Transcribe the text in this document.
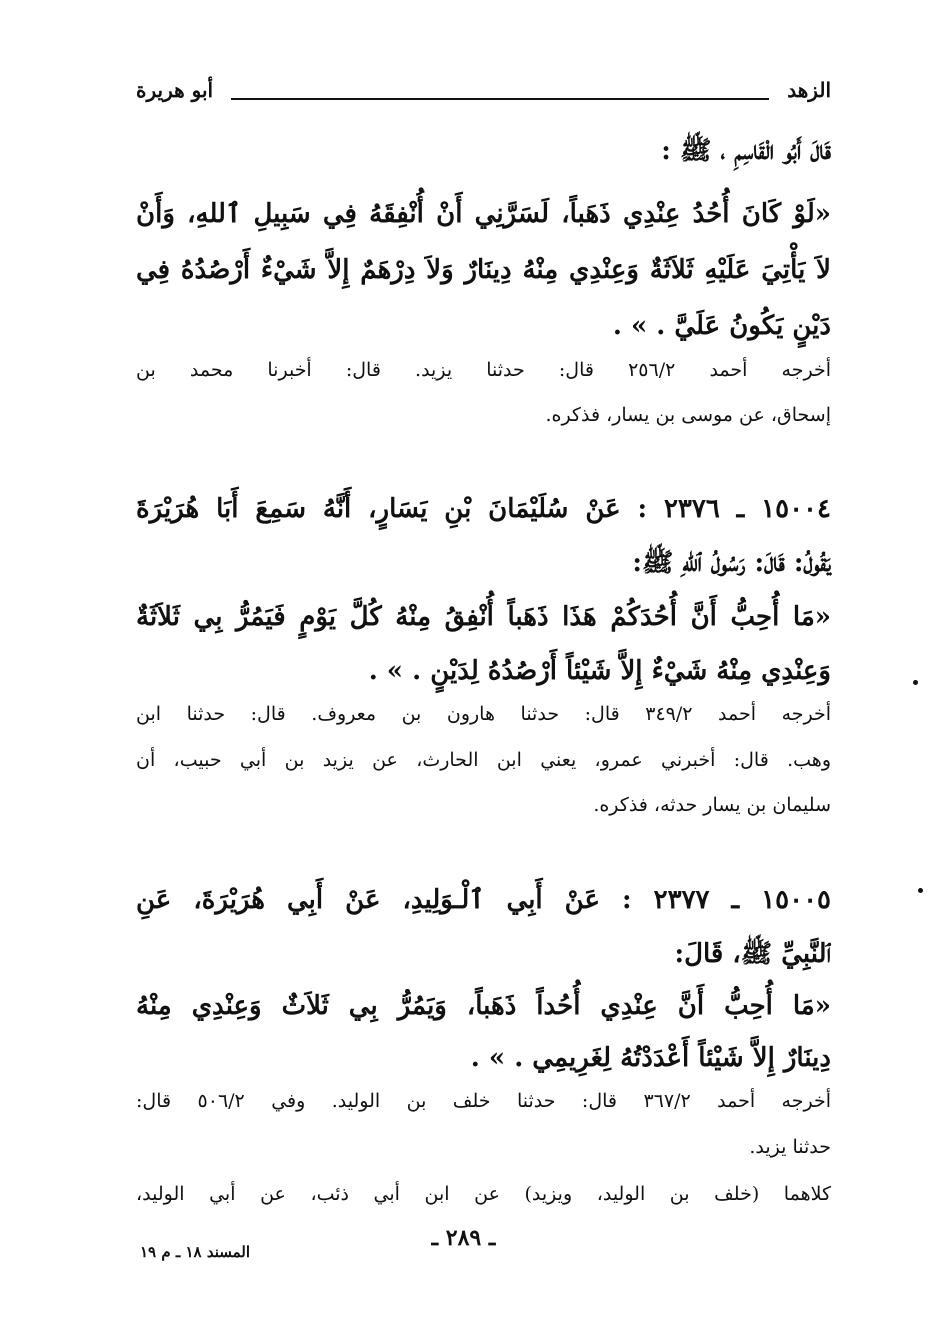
الزهد
أبو هريرة
قَالَ أَبُو الْقَاسِمِ ، ﷺ :
«لَوْ كَانَ أُحُدُ عِنْدِي ذَهَباً، لَسَرَّنِي أَنْ أُنْفِقَهُ فِي سَبِيلِ ٱللهِ، وَأَنْ
لاَ يَأْتِيَ عَلَيْهِ ثَلاَثَةٌ وَعِنْدِي مِنْهُ دِينَارٌ وَلاَ دِرْهَمٌ إِلاَّ شَيْءٌ أَرْصُدُهُ فِي
دَيْنٍ يَكُونُ عَلَيَّ . » .
أخرجه أحمد ٢٥٦/٢ قال: حدثنا يزيد. قال: أخبرنا محمد بن
إسحاق، عن موسى بن يسار، فذكره.
١٥٠٠٤ ـ ٢٣٧٦ : عَنْ سُلَيْمَانَ بْنِ يَسَارٍ، أَنَّهُ سَمِعَ أَبَا هُرَيْرَةَ
يَقُولُ: قَالَ: رَسُولُ ٱللهِ ﷺ:
«مَا أُحِبُّ أَنَّ أُحُدَكُمْ هَذَا ذَهَباً أُنْفِقُ مِنْهُ كُلَّ يَوْمٍ فَيَمُرُّ بِي ثَلاَثَةٌ
وَعِنْدِي مِنْهُ شَيْءٌ إِلاَّ شَيْئاً أَرْصُدُهُ لِدَيْنٍ . » .
أخرجه أحمد ٣٤٩/٢ قال: حدثنا هارون بن معروف. قال: حدثنا ابن
وهب. قال: أخبرني عمرو، يعني ابن الحارث، عن يزيد بن أبي حبيب، أن
سليمان بن يسار حدثه، فذكره.
١٥٠٠٥ ـ ٢٣٧٧ : عَنْ أَبِي ٱلْـوَلِيدِ، عَنْ أَبِي هُرَيْرَةَ، عَنِ
ٱلنَّبِيِّ ﷺ، قَالَ:
«مَا أُحِبُّ أَنَّ عِنْدِي أُحُداً ذَهَباً، وَيَمُرُّ بِي ثَلاَثٌ وَعِنْدِي مِنْهُ
دِينَارٌ إِلاَّ شَيْئاً أَعْدَدْتُهُ لِغَرِيمِي . » .
أخرجه أحمد ٣٦٧/٢ قال: حدثنا خلف بن الوليد. وفي ٥٠٦/٢ قال:
حدثنا يزيد.
كلاهما (خلف بن الوليد، ويزيد) عن ابن أبي ذئب، عن أبي الوليد،
ـ ٢٨٩ ـ
المسند ١٨ ـ م ١٩
